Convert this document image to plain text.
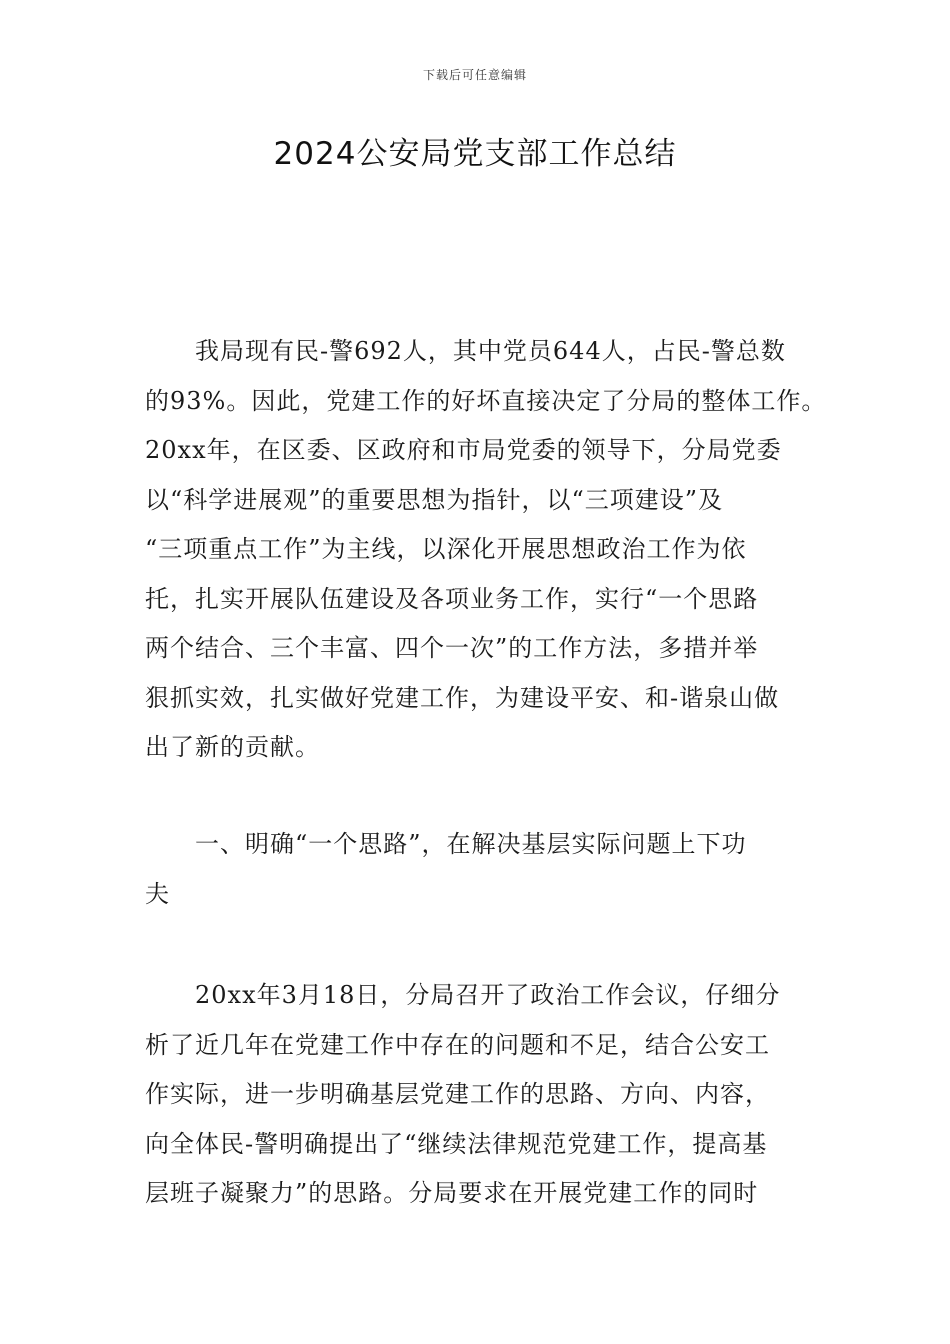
下载后可任意编辑
2024公安局党支部工作总结
我局现有民-警692人，其中党员644人，占民-警总数
的93%。因此，党建工作的好坏直接决定了分局的整体工作。
20xx年，在区委、区政府和市局党委的领导下，分局党委
以“科学进展观”的重要思想为指针，以“三项建设”及
“三项重点工作”为主线，以深化开展思想政治工作为依
托，扎实开展队伍建设及各项业务工作，实行“一个思路
两个结合、三个丰富、四个一次”的工作方法，多措并举
狠抓实效，扎实做好党建工作，为建设平安、和-谐泉山做
出了新的贡献。
一、明确“一个思路”，在解决基层实际问题上下功
夫
20xx年3月18日，分局召开了政治工作会议，仔细分
析了近几年在党建工作中存在的问题和不足，结合公安工
作实际，进一步明确基层党建工作的思路、方向、内容，
向全体民-警明确提出了“继续法律规范党建工作，提高基
层班子凝聚力”的思路。分局要求在开展党建工作的同时
